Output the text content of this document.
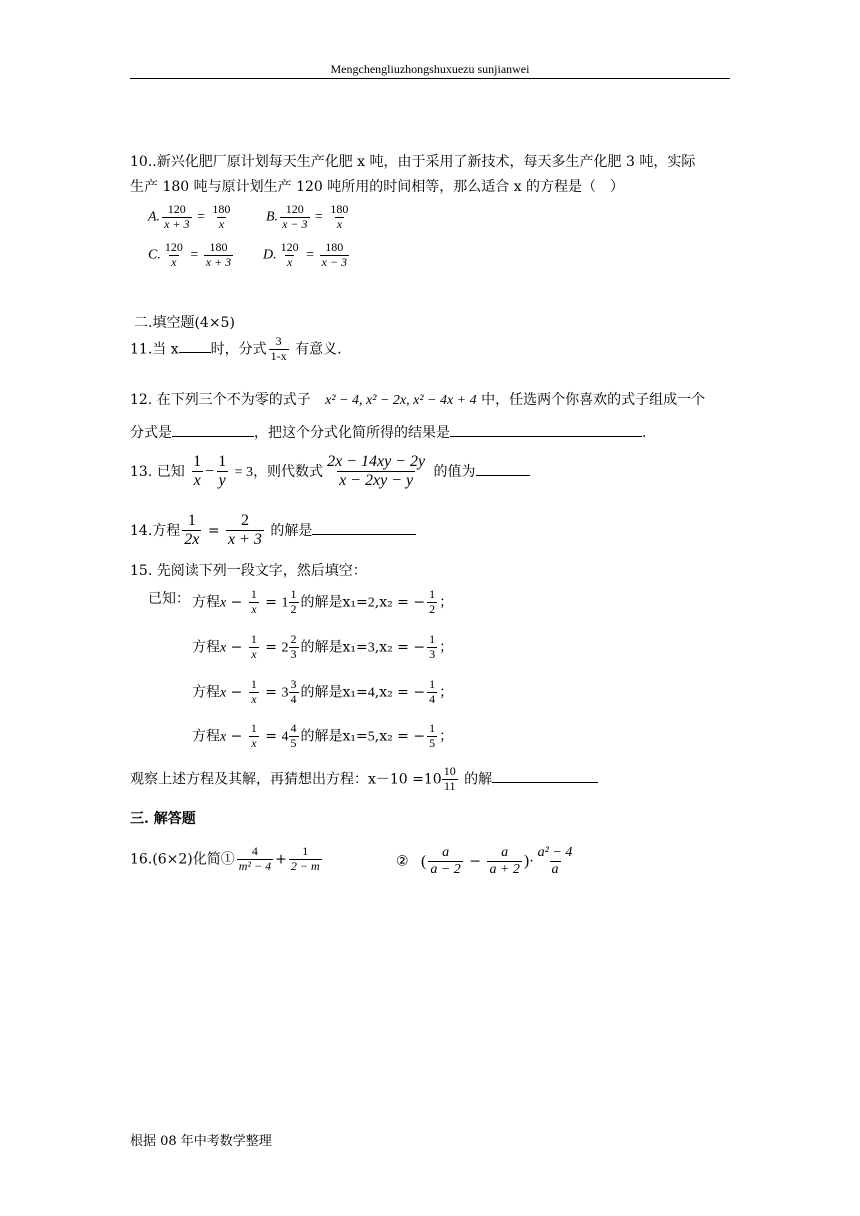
Mengchengliuzhongshuxuezu sunjianwei
10..新兴化肥厂原计划每天生产化肥 x 吨，由于采用了新技术，每天多生产化肥 3 吨，实际
生产 180 吨与原计划生产 120 吨所用的时间相等，那么适合 x 的方程是（　）
A. $\frac{120}{x + 3} = \frac{180}{x} B$. $\frac{120}{x - 3} = \frac{180}{x}$
C. $\frac{120}{x} = \frac{180}{x + 3} D$. $\frac{120}{x} = \frac{180}{x - 3}$
二.填空题(4×5)
11.当 x 时，分式 $\frac{3}{1-x}$ 有意义.
12. 在下列三个不为零的式子 x² − 4, x² − 2x, x² − 4x + 4 中，任选两个你喜欢的式子组成一个
分式是	，把这个分式化简所得的结果是	.
13. 已知 $\frac{1}{x} - \frac{1}{y} = 3$，则代数式 $\frac{2x - 14xy - 2y}{x - 2xy - y}$ 的值为
14.方程 $\frac{1}{2x} = \frac{2}{x + 3}$ 的解是
15. 先阅读下列一段文字，然后填空：
已知： 方程$x - \frac{1}{x} = 1 \frac{1}{2}$ 的解是x₁=2,x₂ = − $\frac{1}{2}$ ；
方程$x - \frac{1}{x} = 2 \frac{2}{3}$ 的解是x₁=3,x₂ = − $\frac{1}{3}$ ；
方程$x - \frac{1}{x} = 3 \frac{3}{4}$ 的解是x₁=4,x₂ = − $\frac{1}{4}$ ；
方程$x - \frac{1}{x} = 4 \frac{4}{5}$ 的解是x₁=5,x₂ = − $\frac{1}{5}$ ；
观察上述方程及其解，再猜想出方程：$x-10 =10 \frac{10}{11}$ 的解
三. 解答题
16.(6×2)化简① $\frac{4}{\text{m² − 4}} + \frac{1}{2 - m}$	② ( $\frac{a}{a - 2} - \frac{a}{a + 2}$ )· $\frac{\text{a² − 4}}{a}$
根据 08 年中考数学整理
